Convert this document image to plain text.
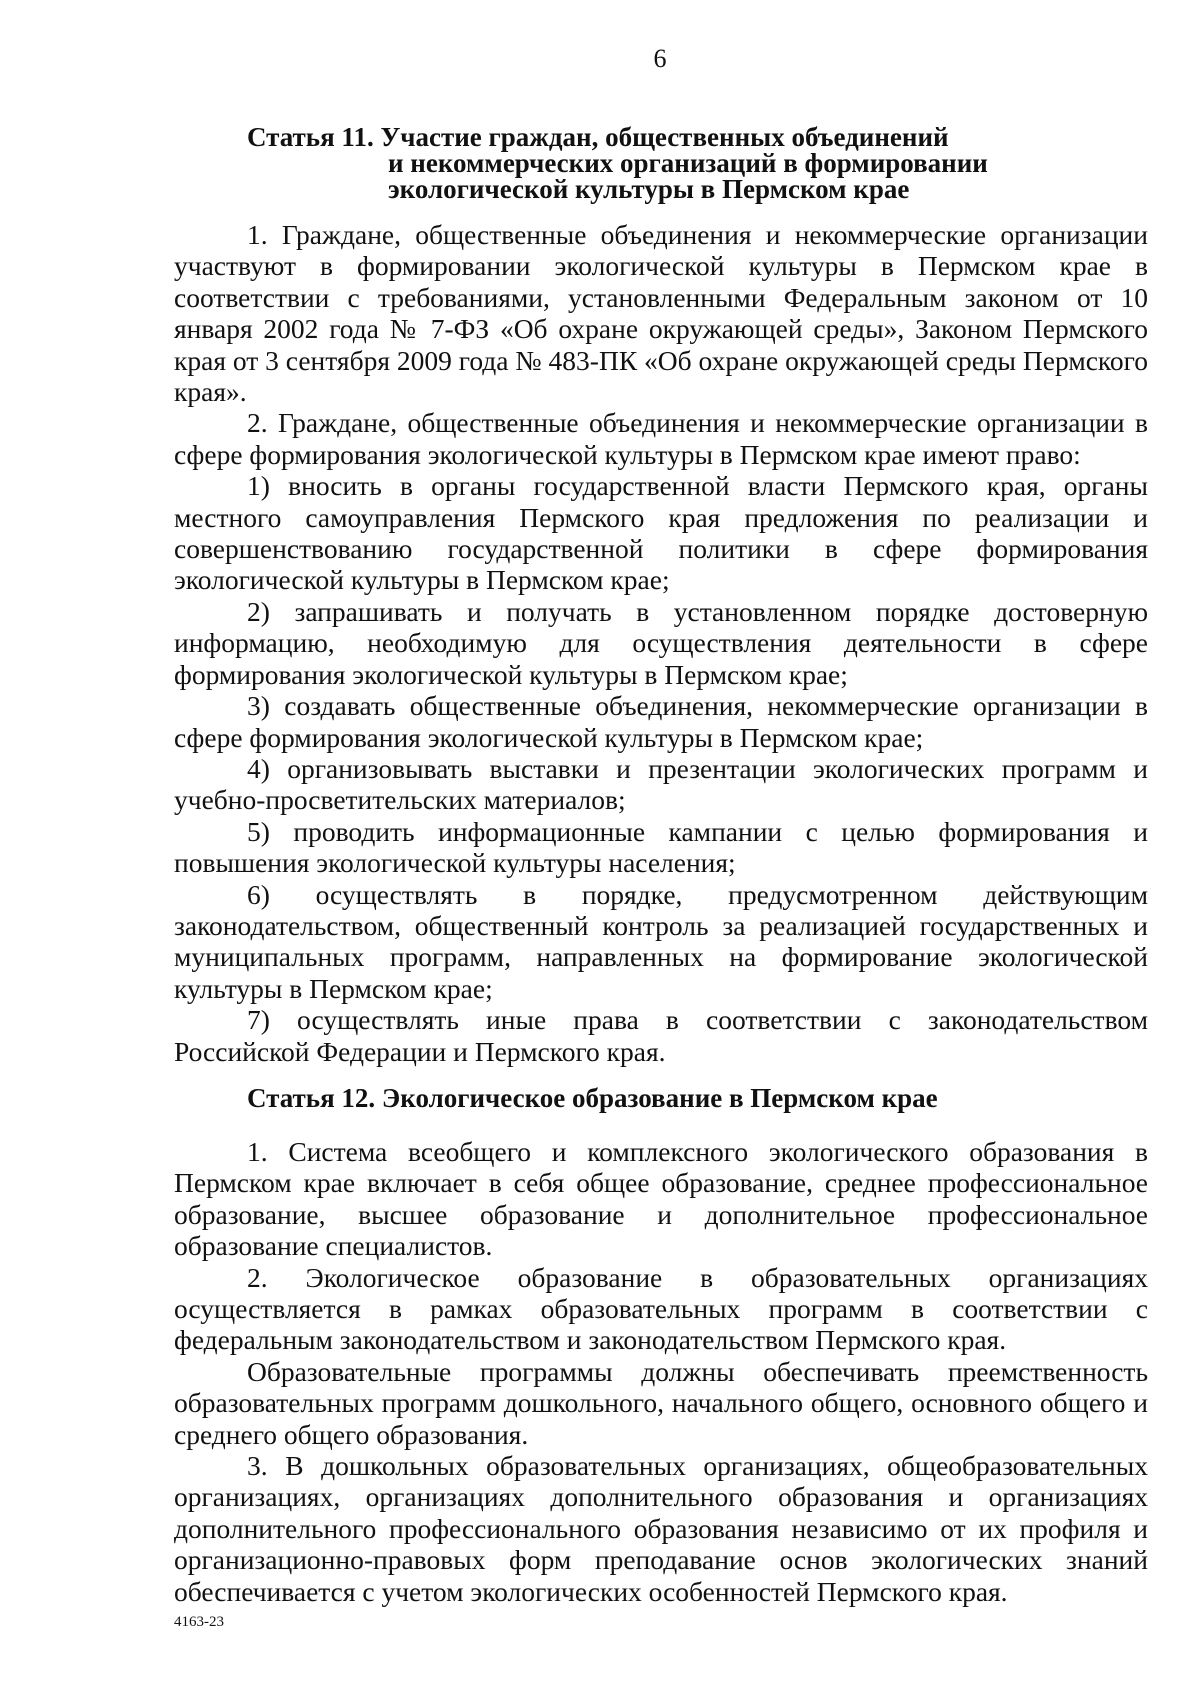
6
Статья 11. Участие граждан, общественных объединений
и некоммерческих организаций в формировании
экологической культуры в Пермском крае

1. Граждане, общественные объединения и некоммерческие организации участвуют в формировании экологической культуры в Пермском крае в соответствии с требованиями, установленными Федеральным законом от 10 января 2002 года № 7-ФЗ «Об охране окружающей среды», Законом Пермского края от 3 сентября 2009 года № 483-ПК «Об охране окружающей среды Пермского края».

2. Граждане, общественные объединения и некоммерческие организации в сфере формирования экологической культуры в Пермском крае имеют право:

1) вносить в органы государственной власти Пермского края, органы местного самоуправления Пермского края предложения по реализации и совершенствованию государственной политики в сфере формирования экологической культуры в Пермском крае;

2) запрашивать и получать в установленном порядке достоверную информацию, необходимую для осуществления деятельности в сфере формирования экологической культуры в Пермском крае;

3) создавать общественные объединения, некоммерческие организации в сфере формирования экологической культуры в Пермском крае;

4) организовывать выставки и презентации экологических программ и учебно-просветительских материалов;

5) проводить информационные кампании с целью формирования и повышения экологической культуры населения;

6) осуществлять в порядке, предусмотренном действующим законодательством, общественный контроль за реализацией государственных и муниципальных программ, направленных на формирование экологической культуры в Пермском крае;

7) осуществлять иные права в соответствии с законодательством Российской Федерации и Пермского края.

Статья 12. Экологическое образование в Пермском крае

1. Система всеобщего и комплексного экологического образования в Пермском крае включает в себя общее образование, среднее профессиональное образование, высшее образование и дополнительное профессиональное образование специалистов.

2. Экологическое образование в образовательных организациях осуществляется в рамках образовательных программ в соответствии с федеральным законодательством и законодательством Пермского края.

Образовательные программы должны обеспечивать преемственность образовательных программ дошкольного, начального общего, основного общего и среднего общего образования.

3. В дошкольных образовательных организациях, общеобразовательных организациях, организациях дополнительного образования и организациях дополнительного профессионального образования независимо от их профиля и организационно-правовых форм преподавание основ экологических знаний обеспечивается с учетом экологических особенностей Пермского края.

4163-23
